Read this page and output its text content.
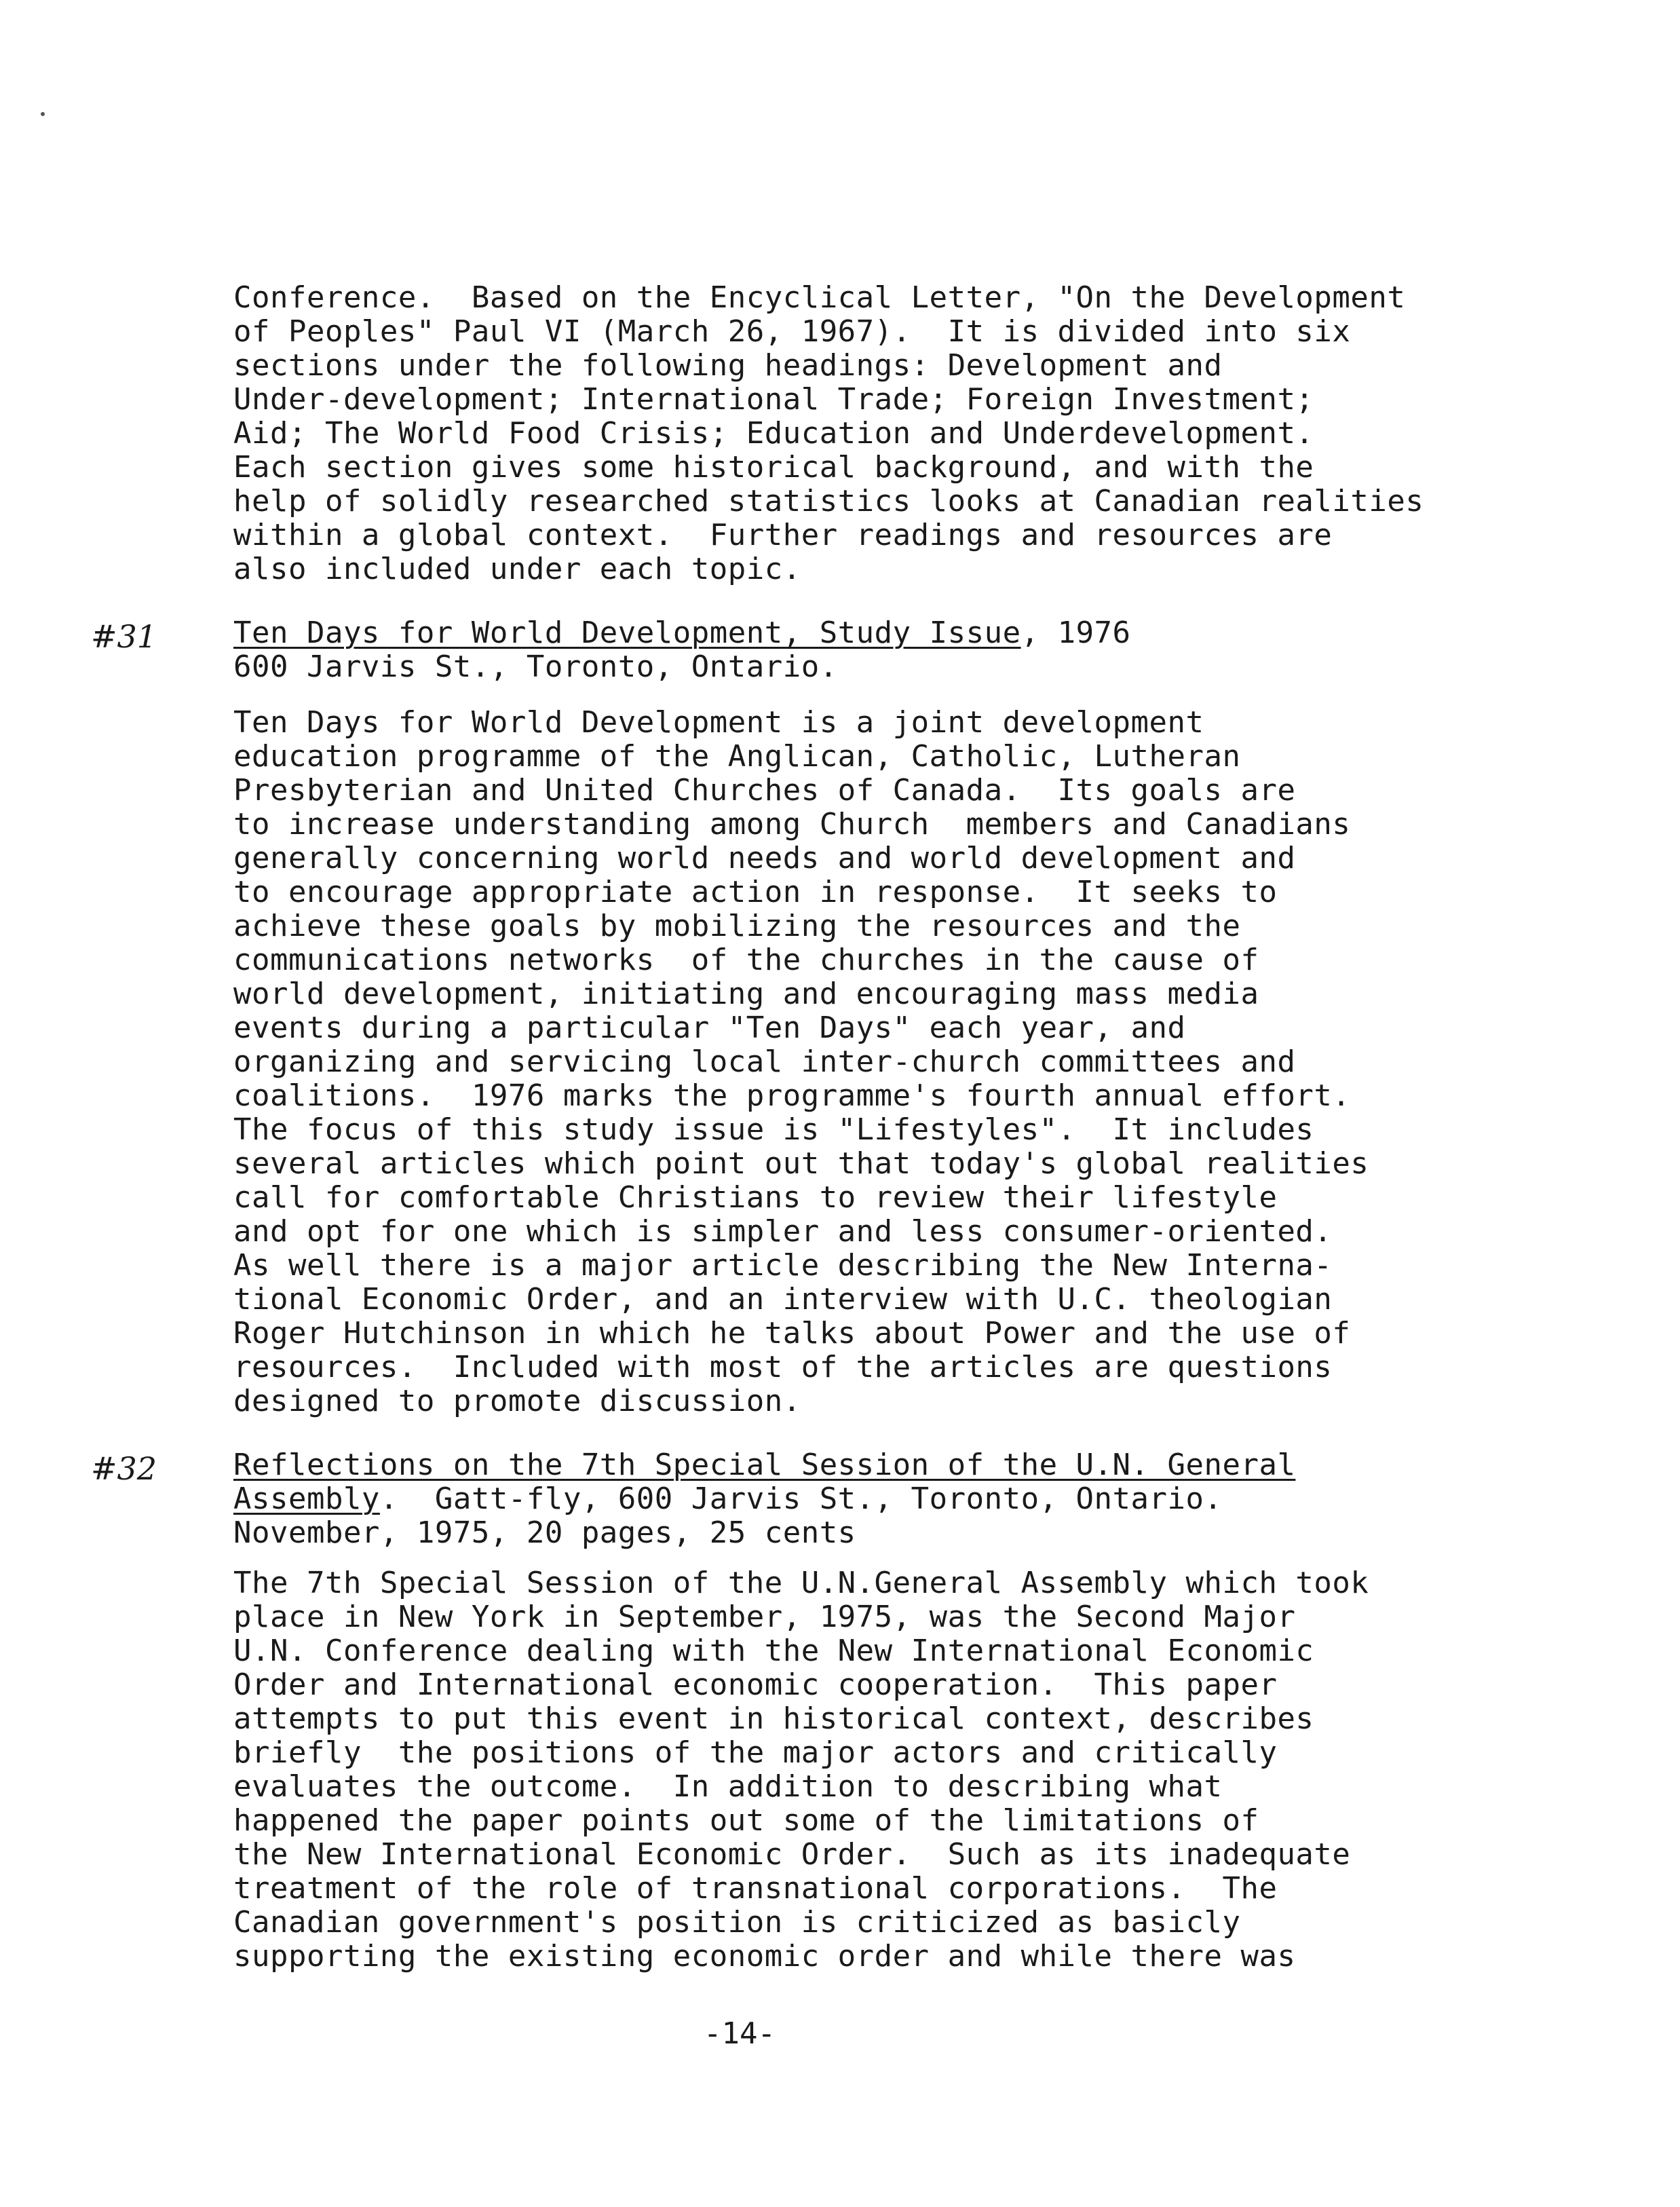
Conference.  Based on the Encyclical Letter, "On the Development
of Peoples" Paul VI (March 26, 1967).  It is divided into six
sections under the following headings: Development and
Under-development; International Trade; Foreign Investment;
Aid; The World Food Crisis; Education and Underdevelopment.
Each section gives some historical background, and with the
help of solidly researched statistics looks at Canadian realities
within a global context.  Further readings and resources are
also included under each topic.
#31	Ten Days for World Development, Study Issue, 1976
600 Jarvis St., Toronto, Ontario.
Ten Days for World Development is a joint development
education programme of the Anglican, Catholic, Lutheran
Presbyterian and United Churches of Canada.  Its goals are
to increase understanding among Church  members and Canadians
generally concerning world needs and world development and
to encourage appropriate action in response.  It seeks to
achieve these goals by mobilizing the resources and the
communications networks  of the churches in the cause of
world development, initiating and encouraging mass media
events during a particular "Ten Days" each year, and
organizing and servicing local inter-church committees and
coalitions.  1976 marks the programme's fourth annual effort.
The focus of this study issue is "Lifestyles".  It includes
several articles which point out that today's global realities
call for comfortable Christians to review their lifestyle
and opt for one which is simpler and less consumer-oriented.
As well there is a major article describing the New Interna-
tional Economic Order, and an interview with U.C. theologian
Roger Hutchinson in which he talks about Power and the use of
resources.  Included with most of the articles are questions
designed to promote discussion.
#32	Reflections on the 7th Special Session of the U.N. General
Assembly.  Gatt-fly, 600 Jarvis St., Toronto, Ontario.
November, 1975, 20 pages, 25 cents
The 7th Special Session of the U.N.General Assembly which took
place in New York in September, 1975, was the Second Major
U.N. Conference dealing with the New International Economic
Order and International economic cooperation.  This paper
attempts to put this event in historical context, describes
briefly  the positions of the major actors and critically
evaluates the outcome.  In addition to describing what
happened the paper points out some of the limitations of
the New International Economic Order.  Such as its inadequate
treatment of the role of transnational corporations.  The
Canadian government's position is criticized as basicly
supporting the existing economic order and while there was
-14-
